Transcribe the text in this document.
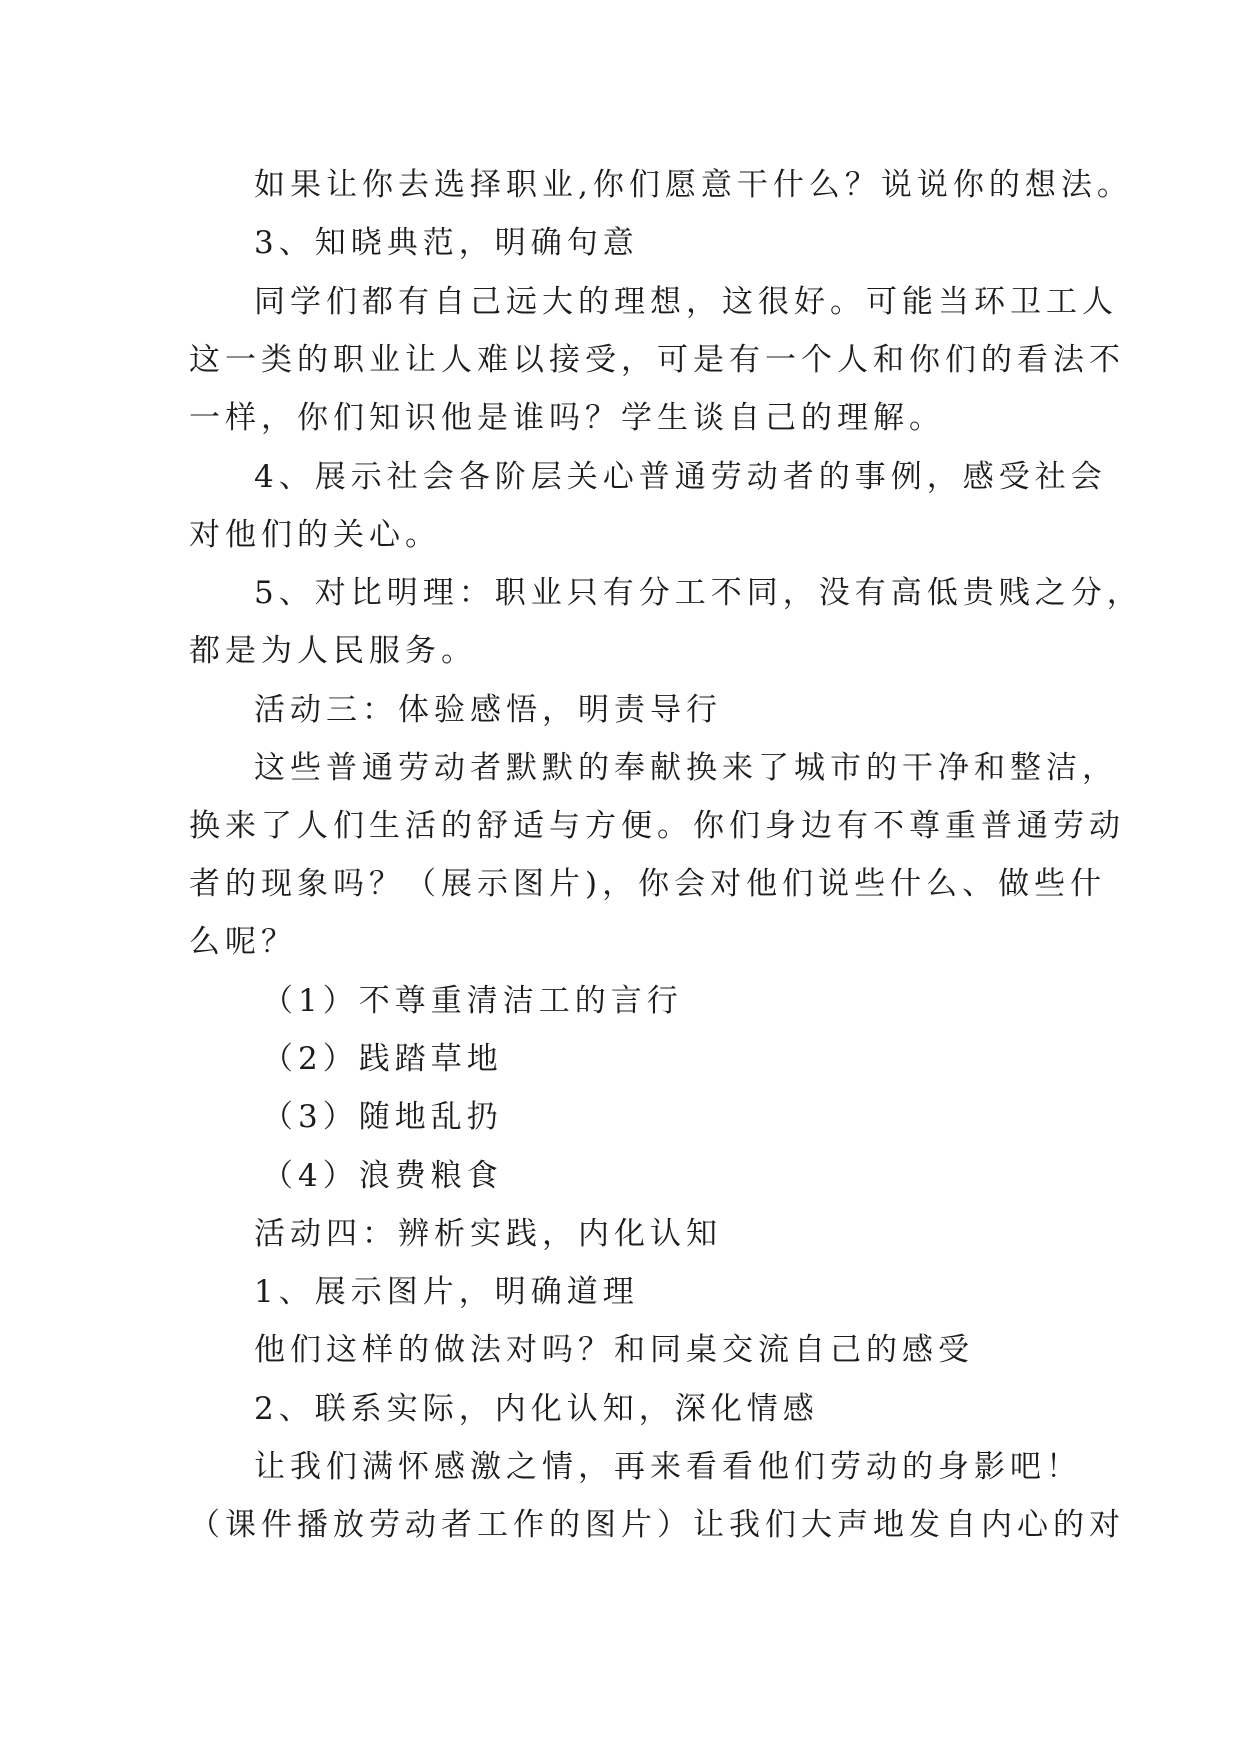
如果让你去选择职业,你们愿意干什么？说说你的想法。

3、知晓典范，明确句意

同学们都有自己远大的理想，这很好。可能当环卫工人

这一类的职业让人难以接受，可是有一个人和你们的看法不

一样，你们知识他是谁吗？学生谈自己的理解。

4、展示社会各阶层关心普通劳动者的事例，感受社会

对他们的关心。

5、对比明理：职业只有分工不同，没有高低贵贱之分，

都是为人民服务。

活动三：体验感悟，明责导行

这些普通劳动者默默的奉献换来了城市的干净和整洁，

换来了人们生活的舒适与方便。你们身边有不尊重普通劳动

者的现象吗？（展示图片)，你会对他们说些什么、做些什

么呢？

（1）不尊重清洁工的言行

（2）践踏草地

（3）随地乱扔

（4）浪费粮食

活动四：辨析实践，内化认知

1、展示图片，明确道理

他们这样的做法对吗？和同桌交流自己的感受

2、联系实际，内化认知，深化情感

让我们满怀感激之情，再来看看他们劳动的身影吧！

（课件播放劳动者工作的图片）让我们大声地发自内心的对
